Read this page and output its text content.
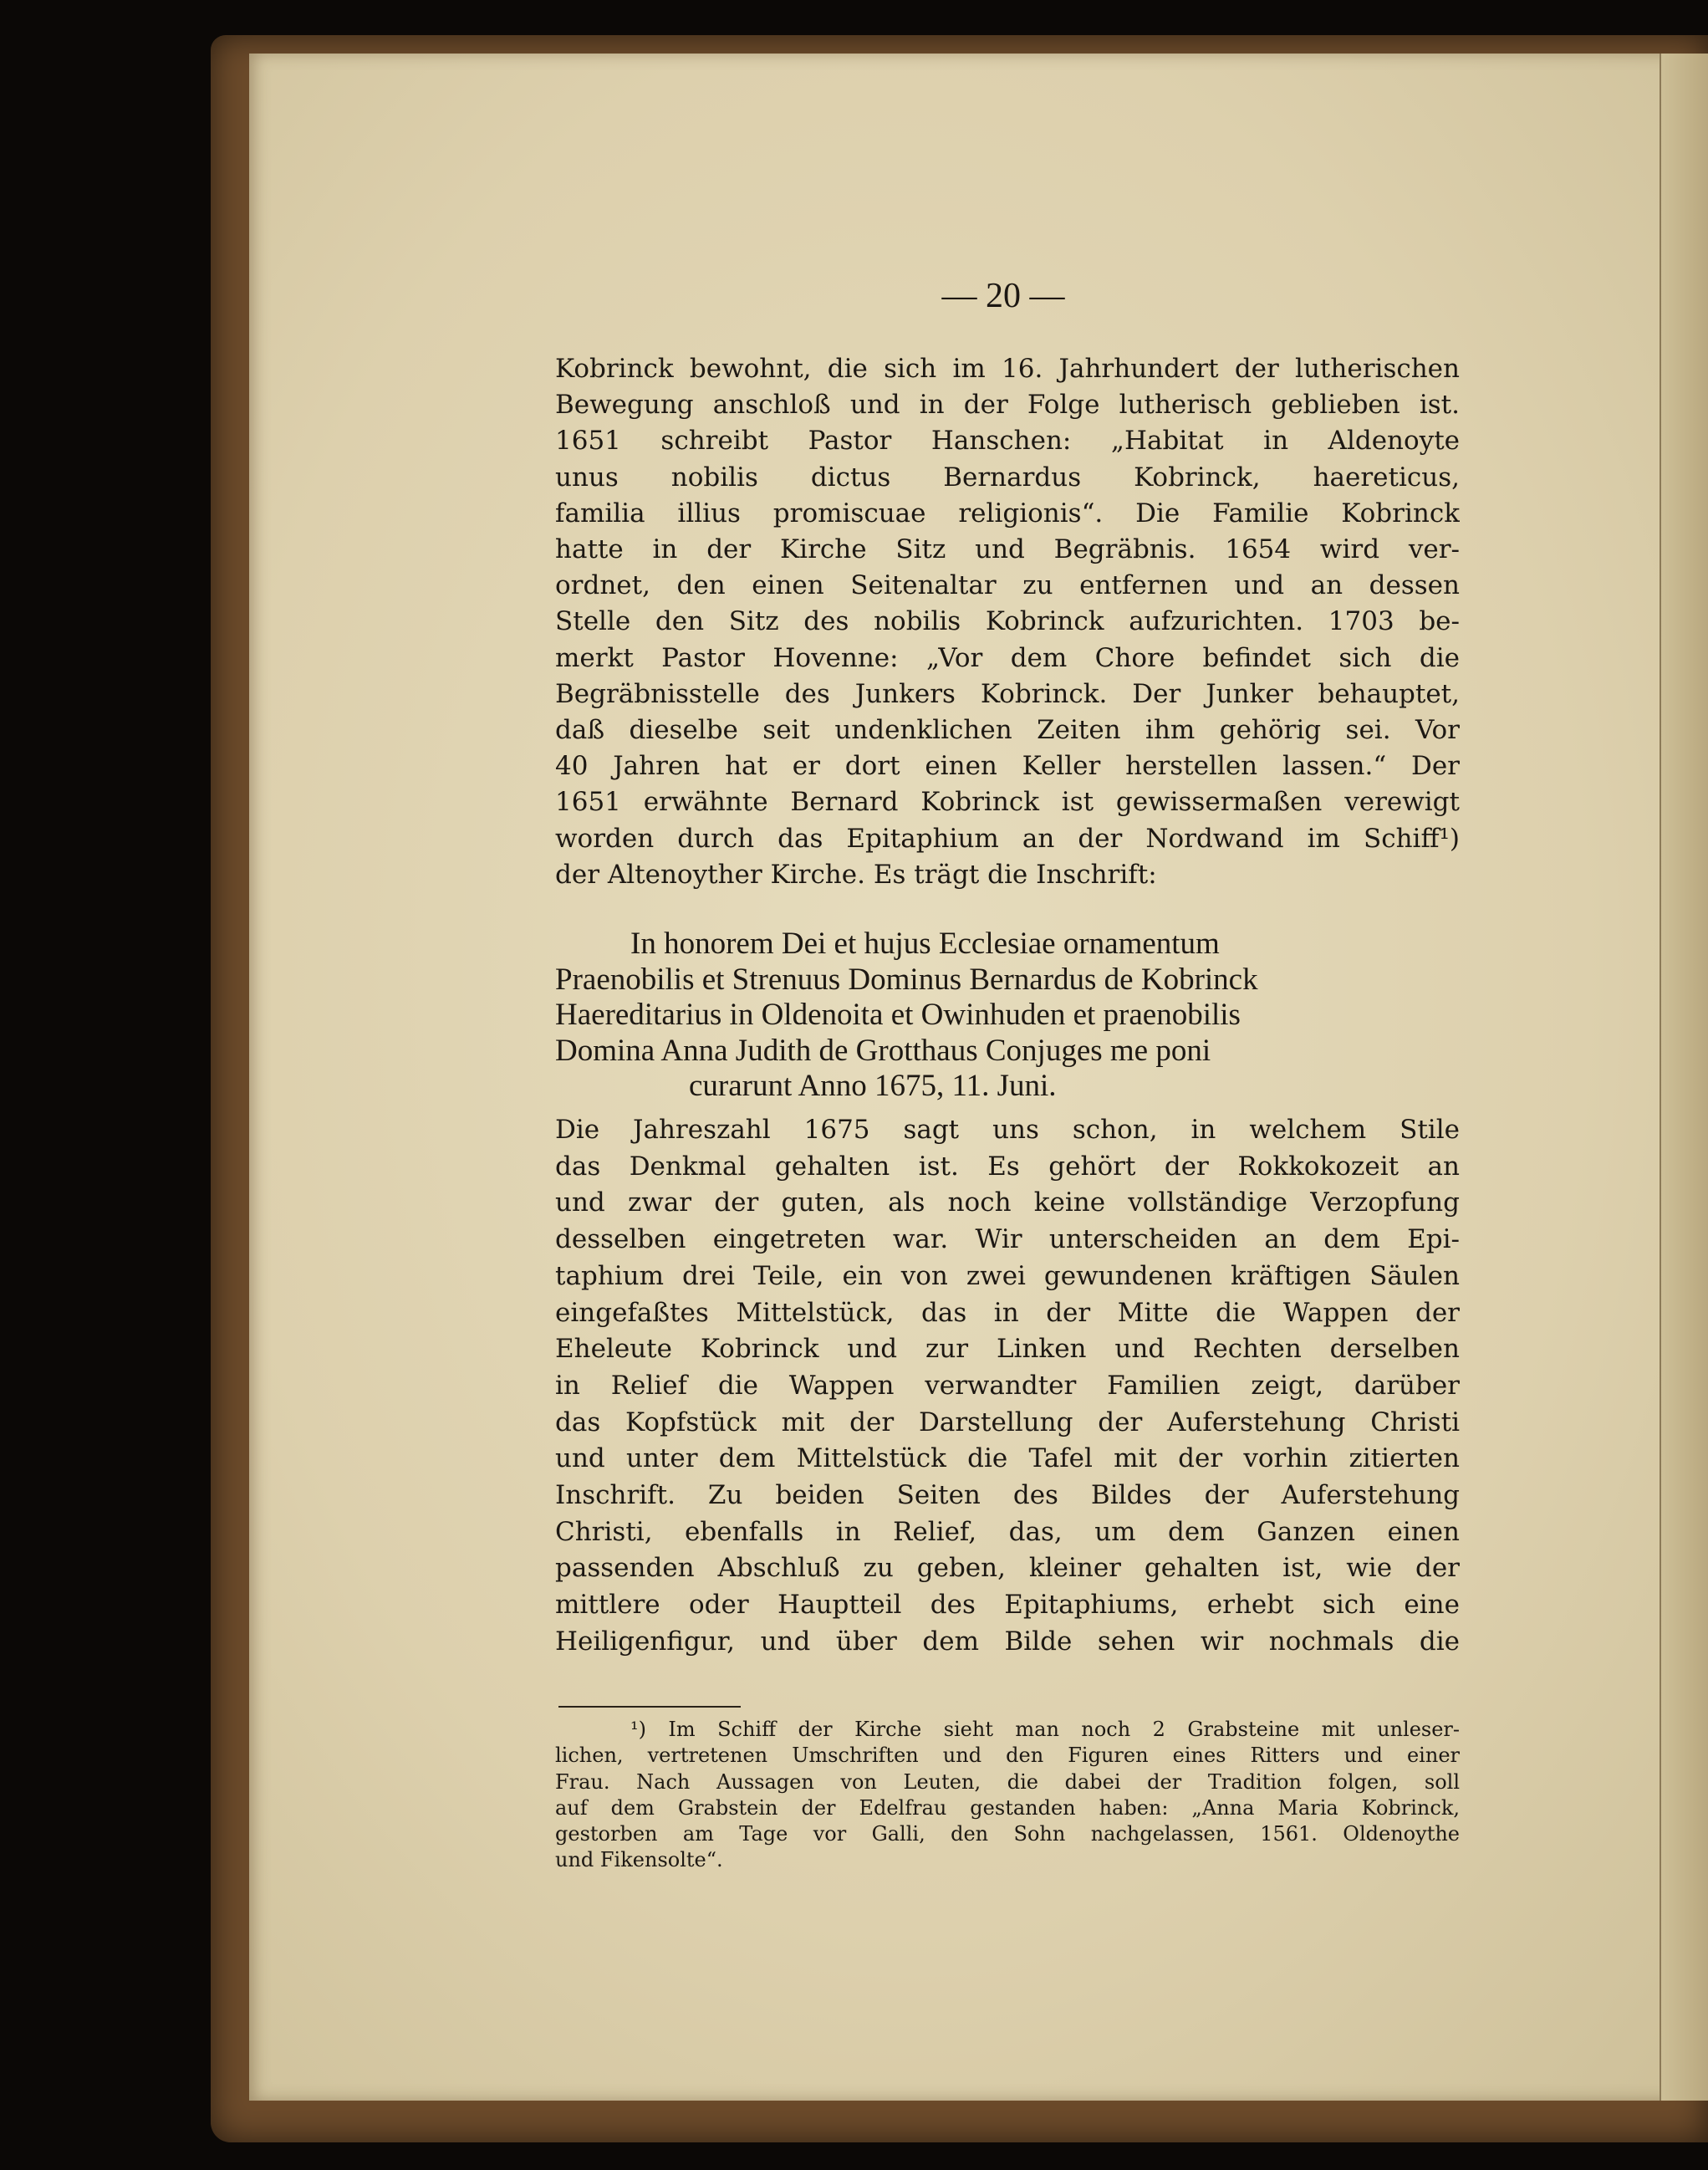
— 20 —
Kobrinck bewohnt, die sich im 16. Jahrhundert der lutherischen
Bewegung anschloß und in der Folge lutherisch geblieben ist.
1651 schreibt Pastor Hanschen: „Habitat in Aldenoyte
unus nobilis dictus Bernardus Kobrinck, haereticus,
familia illius promiscuae religionis“. Die Familie Kobrinck
hatte in der Kirche Sitz und Begräbnis. 1654 wird ver-
ordnet, den einen Seitenaltar zu entfernen und an dessen
Stelle den Sitz des nobilis Kobrinck aufzurichten. 1703 be-
merkt Pastor Hovenne: „Vor dem Chore befindet sich die
Begräbnisstelle des Junkers Kobrinck. Der Junker behauptet,
daß dieselbe seit undenklichen Zeiten ihm gehörig sei. Vor
40 Jahren hat er dort einen Keller herstellen lassen.“ Der
1651 erwähnte Bernard Kobrinck ist gewissermaßen verewigt
worden durch das Epitaphium an der Nordwand im Schiff¹)
der Altenoyther Kirche. Es trägt die Inschrift:
In honorem Dei et hujus Ecclesiae ornamentum
Praenobilis et Strenuus Dominus Bernardus de Kobrinck
Haereditarius in Oldenoita et Owinhuden et praenobilis
Domina Anna Judith de Grotthaus Conjuges me poni
curarunt Anno 1675, 11. Juni.
Die Jahreszahl 1675 sagt uns schon, in welchem Stile
das Denkmal gehalten ist. Es gehört der Rokkokozeit an
und zwar der guten, als noch keine vollständige Verzopfung
desselben eingetreten war. Wir unterscheiden an dem Epi-
taphium drei Teile, ein von zwei gewundenen kräftigen Säulen
eingefaßtes Mittelstück, das in der Mitte die Wappen der
Eheleute Kobrinck und zur Linken und Rechten derselben
in Relief die Wappen verwandter Familien zeigt, darüber
das Kopfstück mit der Darstellung der Auferstehung Christi
und unter dem Mittelstück die Tafel mit der vorhin zitierten
Inschrift. Zu beiden Seiten des Bildes der Auferstehung
Christi, ebenfalls in Relief, das, um dem Ganzen einen
passenden Abschluß zu geben, kleiner gehalten ist, wie der
mittlere oder Hauptteil des Epitaphiums, erhebt sich eine
Heiligenfigur, und über dem Bilde sehen wir nochmals die
¹) Im Schiff der Kirche sieht man noch 2 Grabsteine mit unleser-
lichen, vertretenen Umschriften und den Figuren eines Ritters und einer
Frau. Nach Aussagen von Leuten, die dabei der Tradition folgen, soll
auf dem Grabstein der Edelfrau gestanden haben: „Anna Maria Kobrinck,
gestorben am Tage vor Galli, den Sohn nachgelassen, 1561. Oldenoythe
und Fikensolte“.
